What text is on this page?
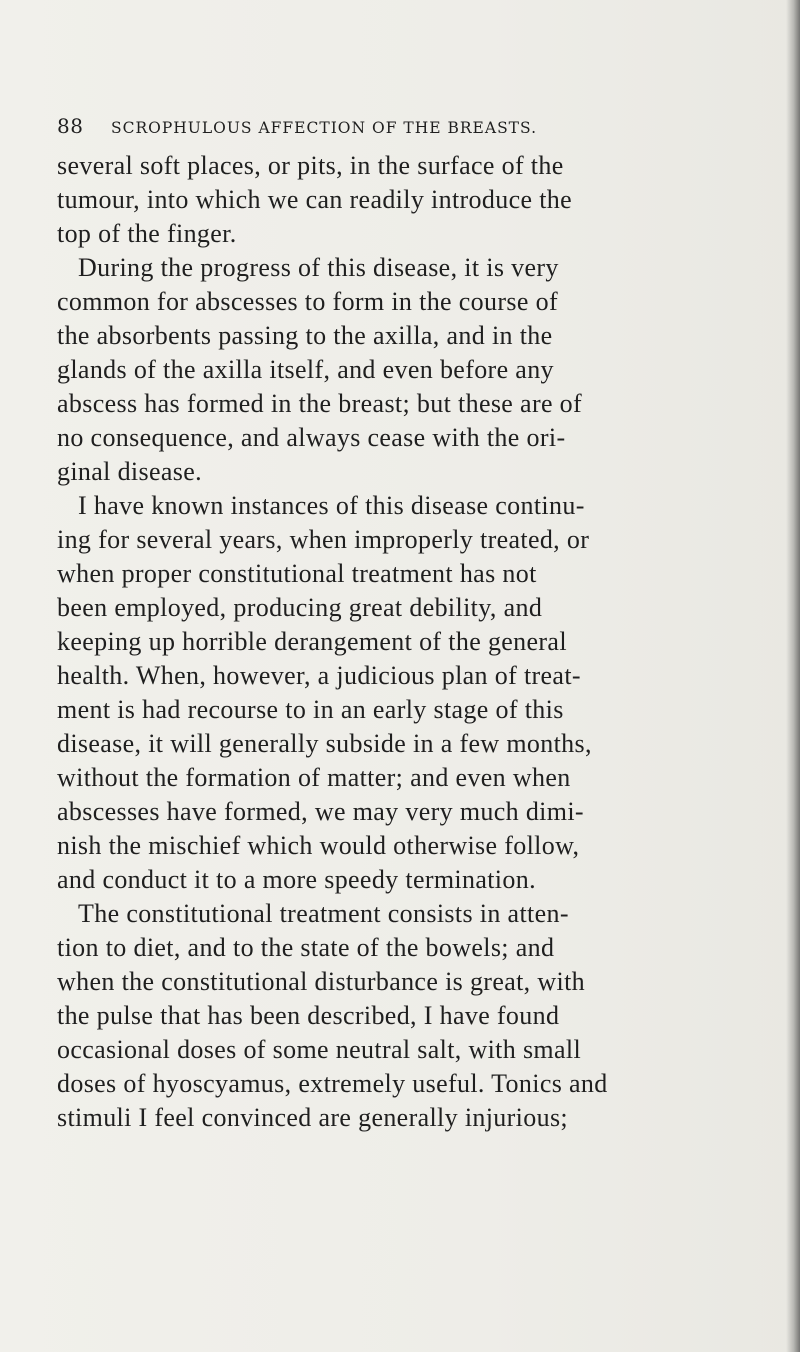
88 SCROPHULOUS AFFECTION OF THE BREASTS.
several soft places, or pits, in the surface of the
tumour, into which we can readily introduce the
top of the finger.
During the progress of this disease, it is very
common for abscesses to form in the course of
the absorbents passing to the axilla, and in the
glands of the axilla itself, and even before any
abscess has formed in the breast; but these are of
no consequence, and always cease with the ori-
ginal disease.
I have known instances of this disease continu-
ing for several years, when improperly treated, or
when proper constitutional treatment has not
been employed, producing great debility, and
keeping up horrible derangement of the general
health. When, however, a judicious plan of treat-
ment is had recourse to in an early stage of this
disease, it will generally subside in a few months,
without the formation of matter; and even when
abscesses have formed, we may very much dimi-
nish the mischief which would otherwise follow,
and conduct it to a more speedy termination.
The constitutional treatment consists in atten-
tion to diet, and to the state of the bowels; and
when the constitutional disturbance is great, with
the pulse that has been described, I have found
occasional doses of some neutral salt, with small
doses of hyoscyamus, extremely useful. Tonics and
stimuli I feel convinced are generally injurious;
